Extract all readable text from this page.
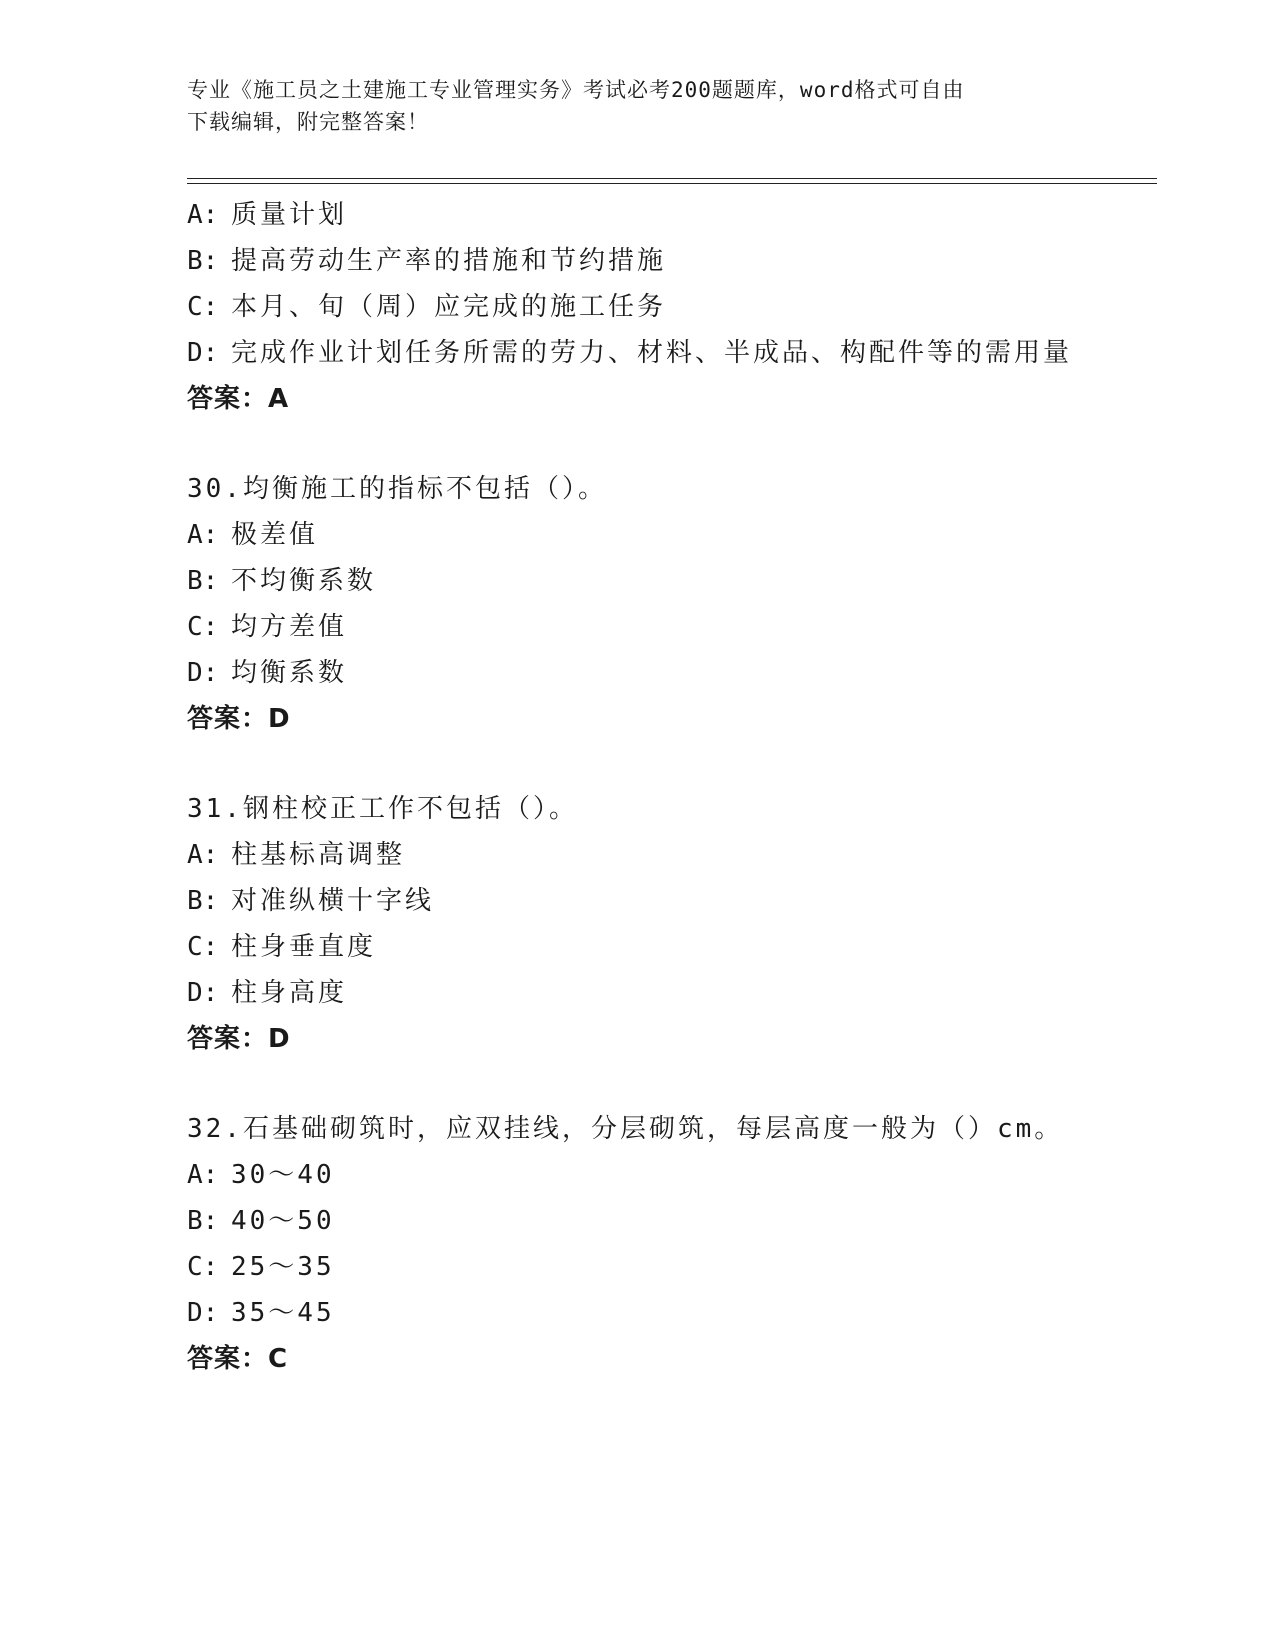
专业《施工员之土建施工专业管理实务》考试必考200题题库，word格式可自由
下载编辑，附完整答案！
A: 质量计划
B: 提高劳动生产率的措施和节约措施
C: 本月、旬（周）应完成的施工任务
D: 完成作业计划任务所需的劳力、材料、半成品、构配件等的需用量
答案：A
30.均衡施工的指标不包括（）。
A: 极差值
B: 不均衡系数
C: 均方差值
D: 均衡系数
答案：D
31.钢柱校正工作不包括（）。
A: 柱基标高调整
B: 对准纵横十字线
C: 柱身垂直度
D: 柱身高度
答案：D
32.石基础砌筑时，应双挂线，分层砌筑，每层高度一般为（）cm。
A: 30～40
B: 40～50
C: 25～35
D: 35～45
答案：C
